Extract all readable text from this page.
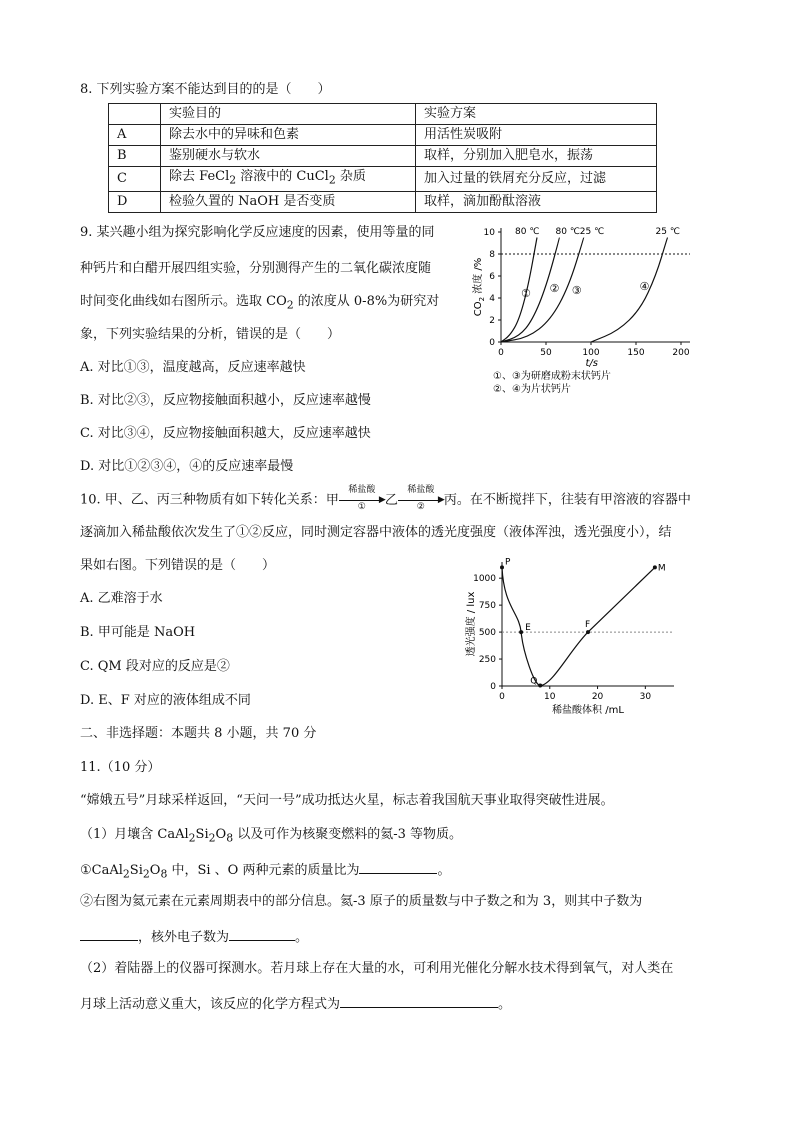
8. 下列实验方案不能达到目的的是（　　）
	实验目的	实验方案
A	除去水中的异味和色素	用活性炭吸附
B	鉴别硬水与软水	取样，分别加入肥皂水，振荡
C	除去 FeCl$_2$ 溶液中的 CuCl$_2$ 杂质	加入过量的铁屑充分反应，过滤
D	检验久置的 NaOH 是否变质	取样，滴加酚酞溶液
9. 某兴趣小组为探究影响化学反应速度的因素，使用等量的同
种钙片和白醋开展四组实验，分别测得产生的二氧化碳浓度随
时间变化曲线如右图所示。选取 $CO_2$ 的浓度从 0-8%为研究对
象，下列实验结果的分析，错误的是（　　）
A. 对比①③，温度越高，反应速率越快
B. 对比②③，反应物接触面积越小，反应速率越慢
C. 对比③④，反应物接触面积越大，反应速率越快
D. 对比①②③④，④的反应速率最慢
0	50	100	150	200
0
2
4
6
8
10
t/s
$CO_2$ 浓度 /%
80 ℃
①
80 ℃
②
25 ℃
③
25 ℃
④
①、③为研磨成粉末状钙片
②、④为片状钙片
10. 甲、乙、丙三种物质有如下转化关系：甲
稀盐酸
▶
①	乙
稀盐酸
▶
②	丙。在不断搅拌下，往装有甲溶液的容器中
逐滴加入稀盐酸依次发生了①②反应，同时测定容器中液体的透光度强度（液体浑浊，透光强度小），结
果如右图。下列错误的是（　　）
A. 乙难溶于水
B. 甲可能是 NaOH
C. QM 段对应的反应是②
D. E、F 对应的液体组成不同	0	10	20	30
0
250
500
750
1000
稀盐酸体积 /mL
透光强度 / lux
P
E
Q
F
M
二、非选择题：本题共 8 小题，共 70 分
11.（10 分）
“嫦娥五号”月球采样返回，“天问一号”成功抵达火星，标志着我国航天事业取得突破性进展。
（1）月壤含 $CaAl_2Si_2O_8$ 以及可作为核聚变燃料的氦-3 等物质。
$①CaAl_2Si_2O_8$ 中，Si 、O 两种元素的质量比为	。
②右图为氦元素在元素周期表中的部分信息。氦-3 原子的质量数与中子数之和为 3，则其中子数为
，核外电子数为	。
（2）着陆器上的仪器可探测水。若月球上存在大量的水，可利用光催化分解水技术得到氧气，对人类在
月球上活动意义重大，该反应的化学方程式为	。
